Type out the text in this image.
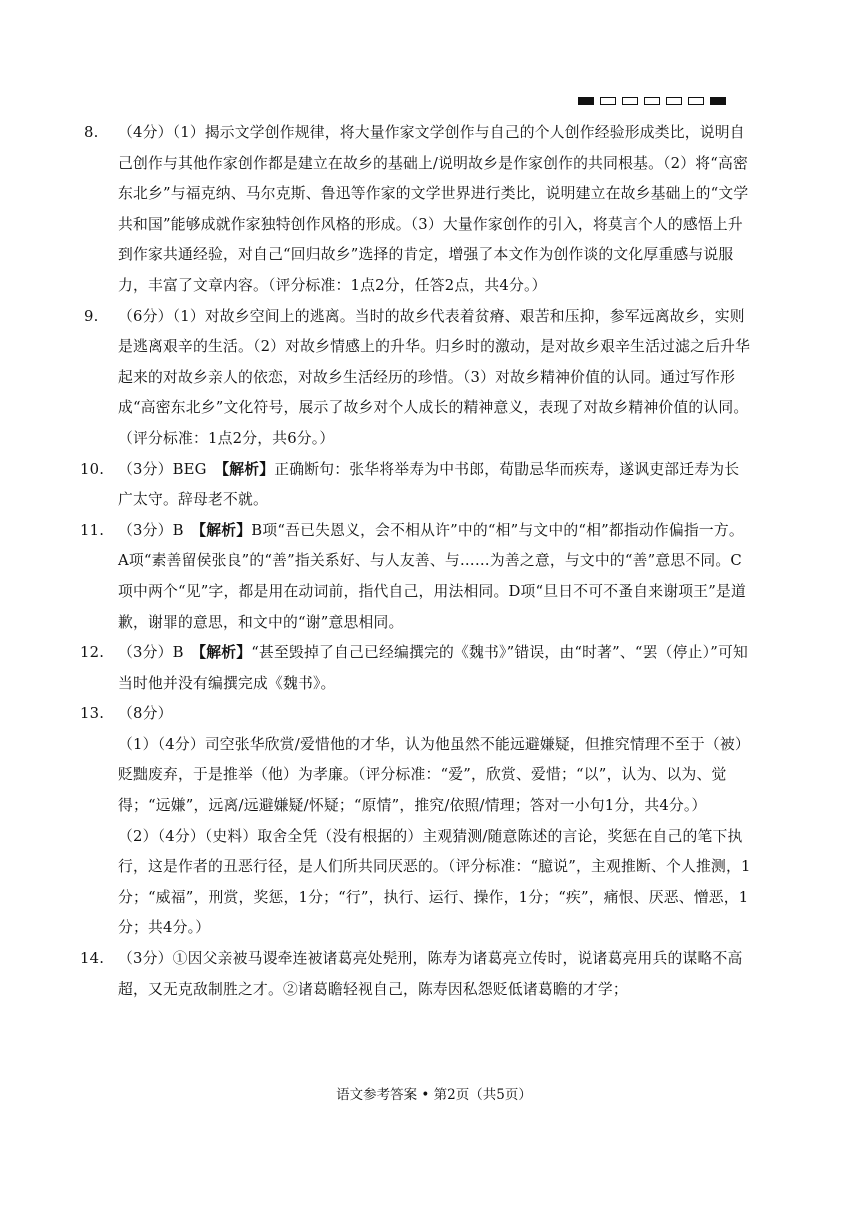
8. （4分）（1）揭示文学创作规律，将大量作家文学创作与自己的个人创作经验形成类比，说明自己创作与其他作家创作都是建立在故乡的基础上/说明故乡是作家创作的共同根基。（2）将“高密东北乡”与福克纳、马尔克斯、鲁迅等作家的文学世界进行类比，说明建立在故乡基础上的“文学共和国”能够成就作家独特创作风格的形成。（3）大量作家创作的引入，将莫言个人的感悟上升到作家共通经验，对自己“回归故乡”选择的肯定，增强了本文作为创作谈的文化厚重感与说服力，丰富了文章内容。（评分标准：1点2分，任答2点，共4分。）
9. （6分）（1）对故乡空间上的逃离。当时的故乡代表着贫瘠、艰苦和压抑，参军远离故乡，实则是逃离艰辛的生活。（2）对故乡情感上的升华。归乡时的激动，是对故乡艰辛生活过滤之后升华起来的对故乡亲人的依恋，对故乡生活经历的珍惜。（3）对故乡精神价值的认同。通过写作形成“高密东北乡”文化符号，展示了故乡对个人成长的精神意义，表现了对故乡精神价值的认同。（评分标准：1点2分，共6分。）
10. （3分）BEG　【解析】正确断句：张华将举寿为中书郎，荀勖忌华而疾寿，遂讽吏部迁寿为长广太守。辞母老不就。
11. （3分）B　【解析】B项“吾已失恩义，会不相从许”中的“相”与文中的“相”都指动作偏指一方。A项“素善留侯张良”的“善”指关系好、与人友善、与……为善之意，与文中的“善”意思不同。C项中两个“见”字，都是用在动词前，指代自己，用法相同。D项“旦日不可不蚤自来谢项王”是道歉，谢罪的意思，和文中的“谢”意思相同。
12. （3分）B　【解析】“甚至毁掉了自己已经编撰完的《魏书》”错误，由“时著”、“罢（停止）”可知当时他并没有编撰完成《魏书》。
13. （8分）

（1）（4分）司空张华欣赏/爱惜他的才华，认为他虽然不能远避嫌疑，但推究情理不至于（被）贬黜废弃，于是推举（他）为孝廉。（评分标准：“爱”，欣赏、爱惜；“以”，认为、以为、觉得；“远嫌”，远离/远避嫌疑/怀疑；“原情”，推究/依照/情理；答对一小句1分，共4分。）

（2）（4分）（史料）取舍全凭（没有根据的）主观猜测/随意陈述的言论，奖惩在自己的笔下执行，这是作者的丑恶行径，是人们所共同厌恶的。（评分标准：“臆说”，主观推断、个人推测，1分；“威福”，刑赏，奖惩，1分；“行”，执行、运行、操作，1分；“疾”，痛恨、厌恶、憎恶，1分；共4分。）

14. （3分）①因父亲被马谡牵连被诸葛亮处髡刑，陈寿为诸葛亮立传时，说诸葛亮用兵的谋略不高超，又无克敌制胜之才。②诸葛瞻轻视自己，陈寿因私怨贬低诸葛瞻的才学；
语文参考答案 • 第2页（共5页）
